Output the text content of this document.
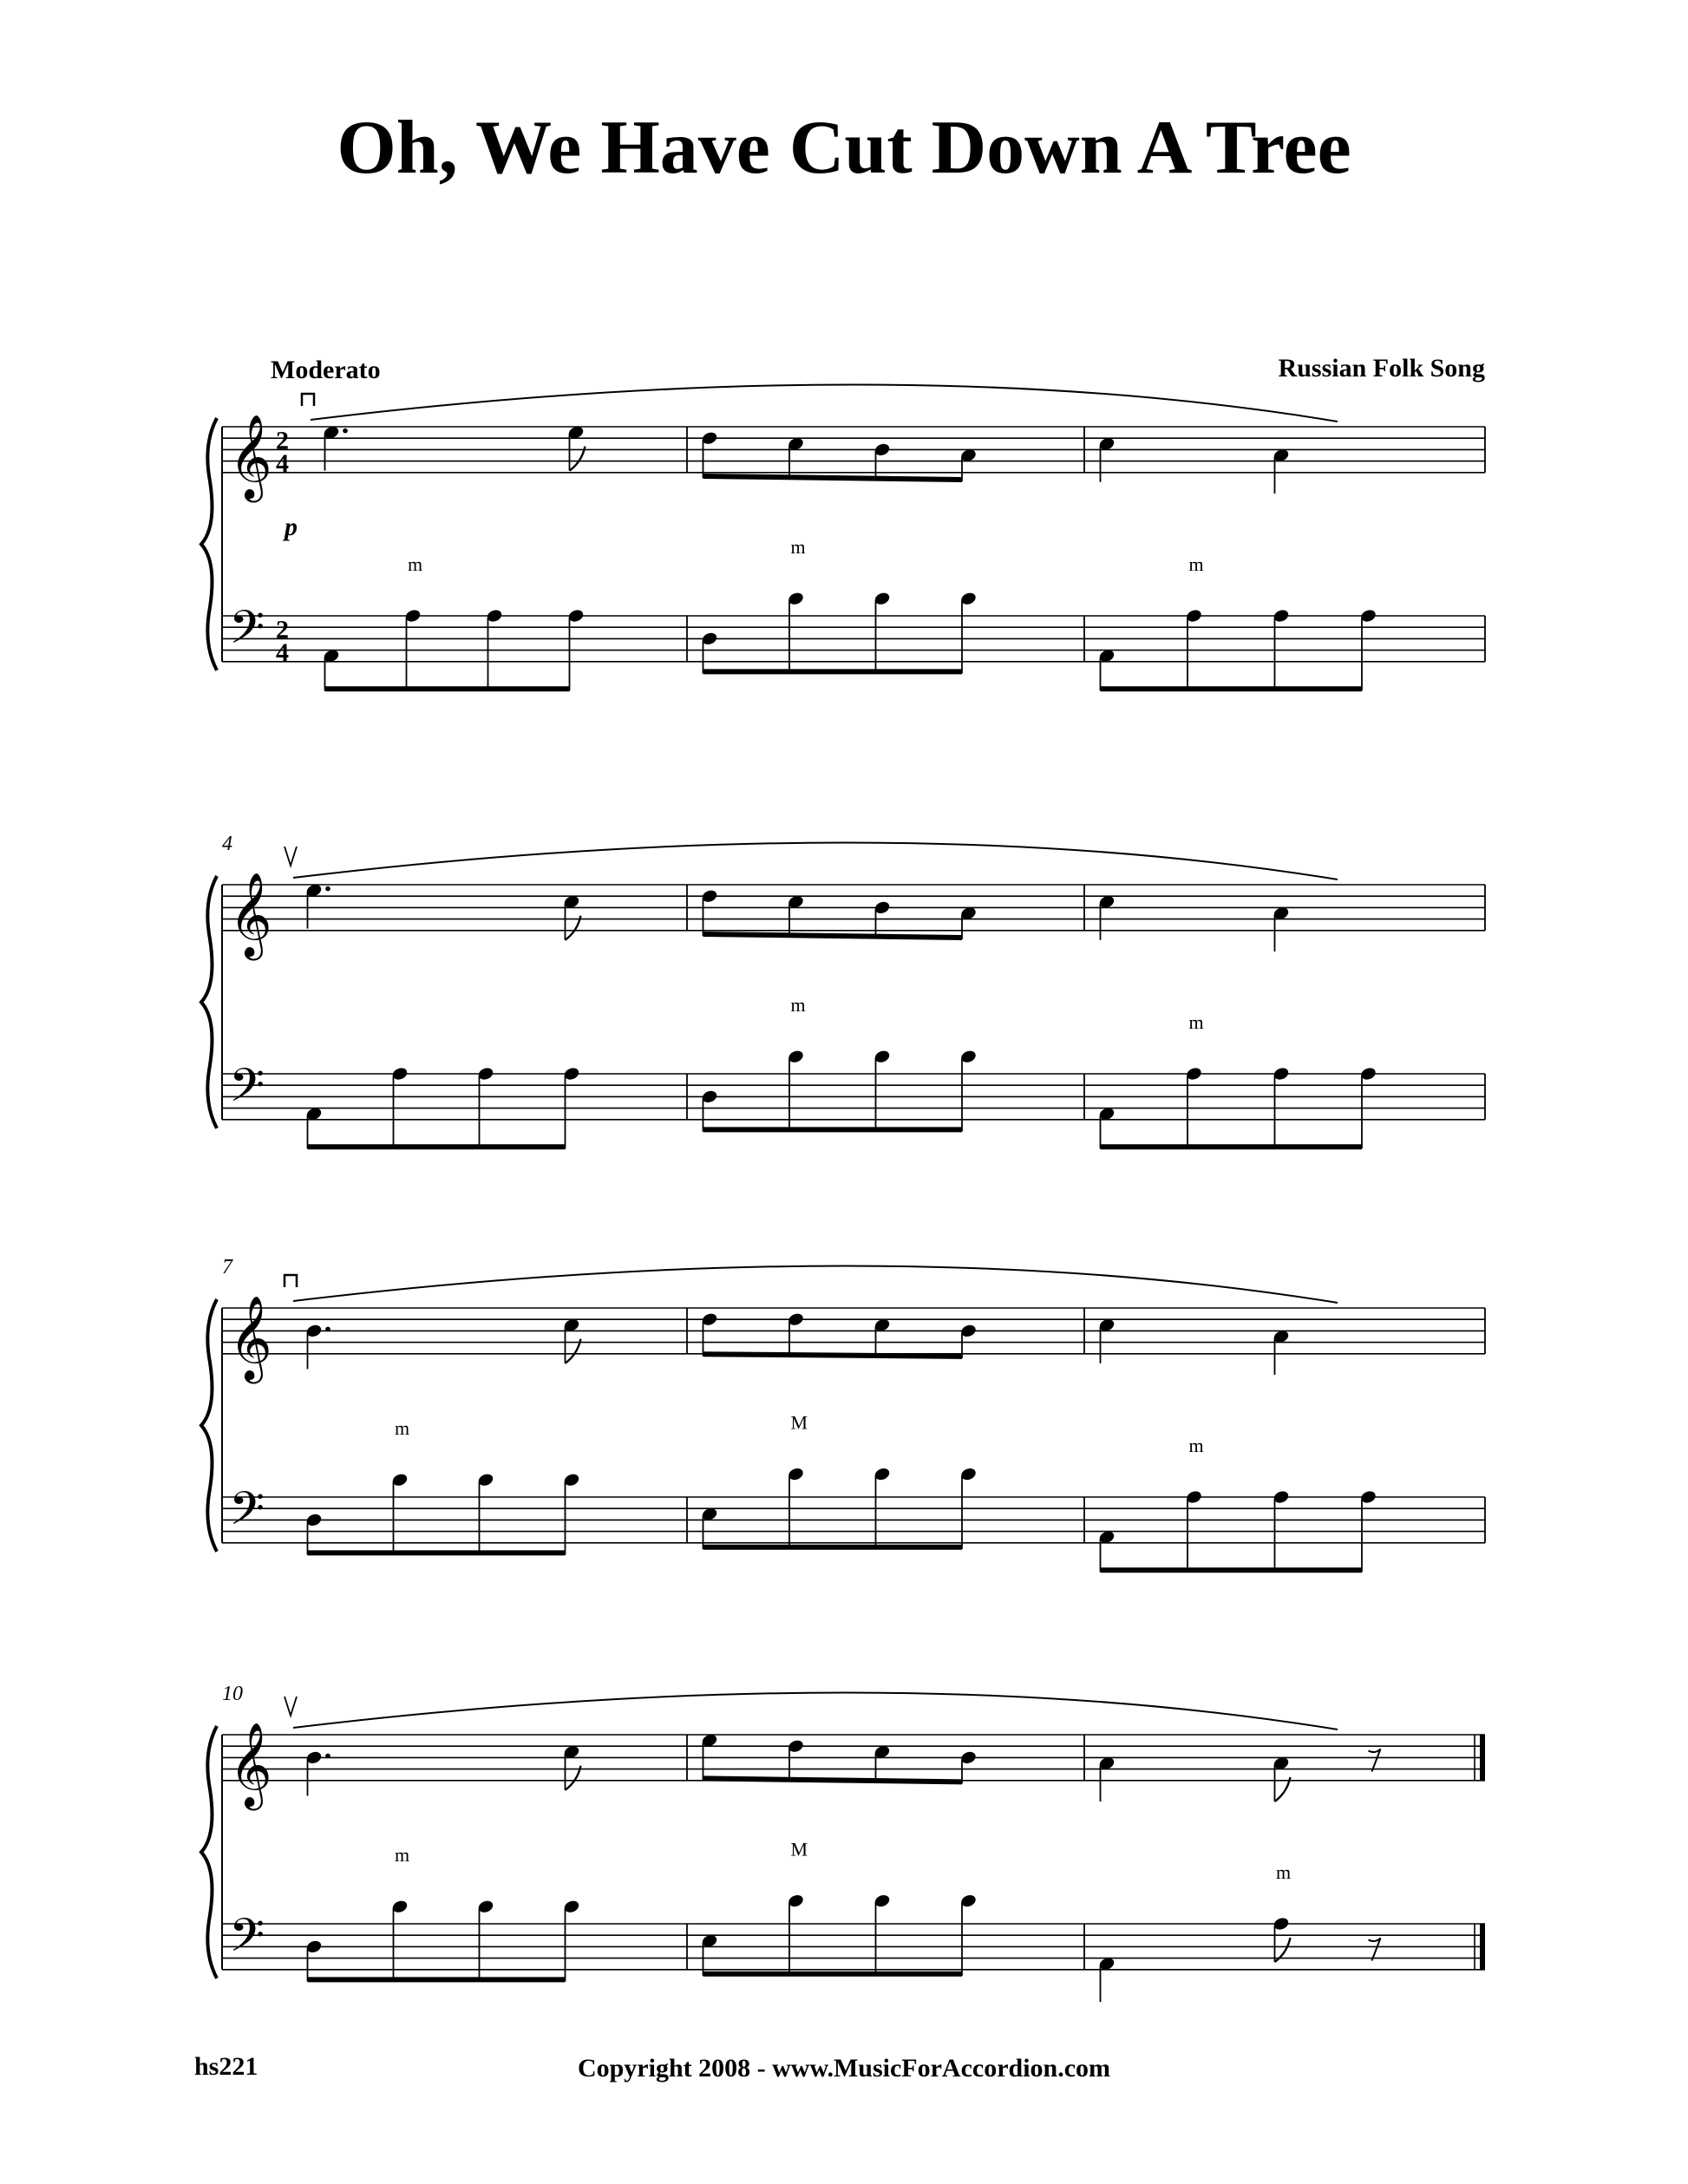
Oh, We Have Cut Down A Tree
Moderato	Russian Folk Song
𝄞
𝄢
2
4
2
4
p
m
m
m
𝄞
𝄢
4
m
m
𝄞
𝄢
7
m	M
m
𝄞
𝄢
10
m	M
m
hs221	Copyright 2008 - www.MusicForAccordion.com
